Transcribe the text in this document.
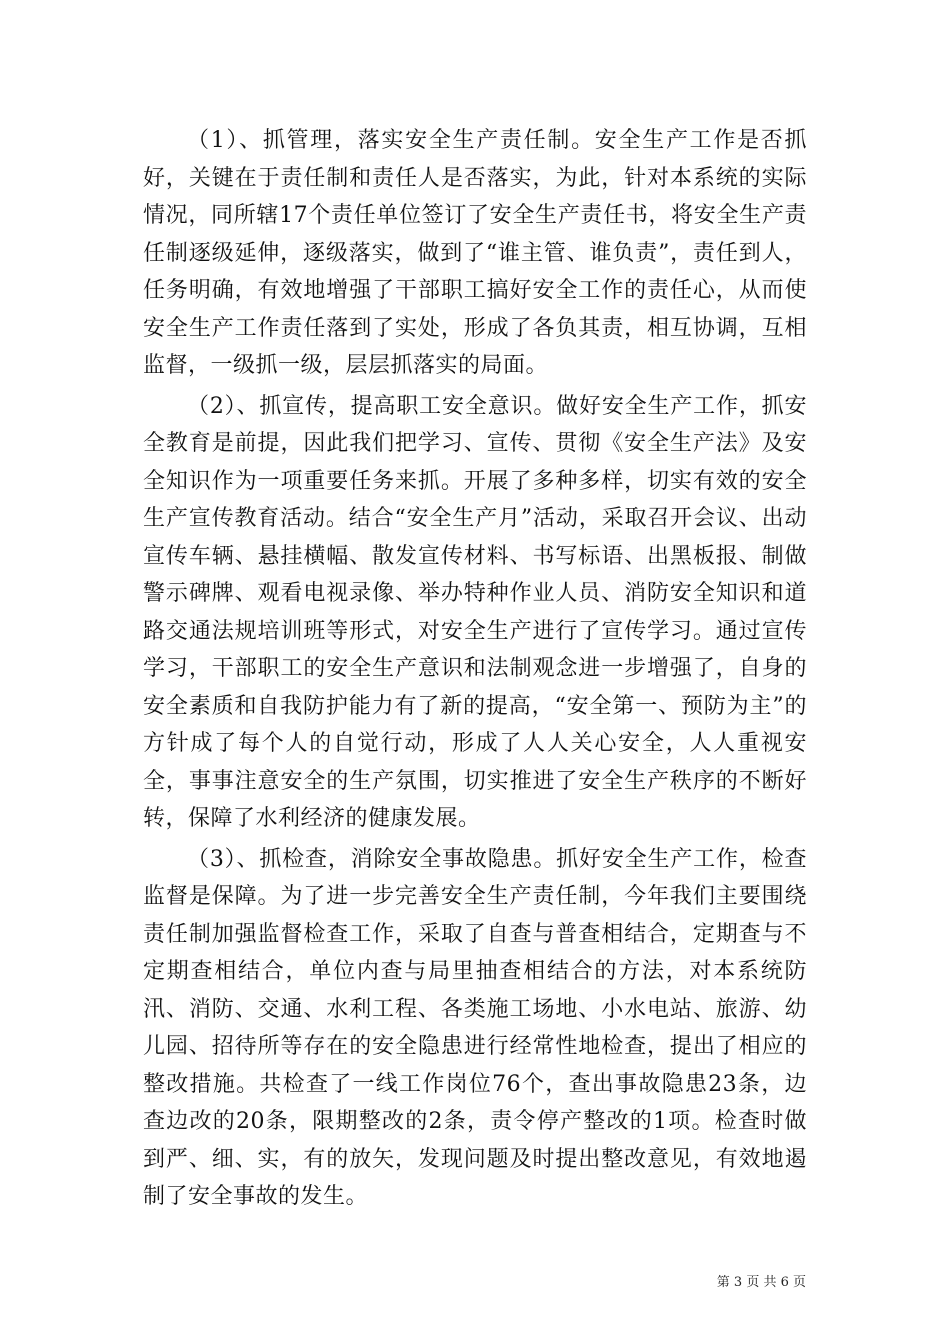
（1）、抓管理，落实安全生产责任制。安全生产工作是否抓好，关键在于责任制和责任人是否落实，为此，针对本系统的实际情况，同所辖17个责任单位签订了安全生产责任书，将安全生产责任制逐级延伸，逐级落实，做到了“谁主管、谁负责”，责任到人，任务明确，有效地增强了干部职工搞好安全工作的责任心，从而使安全生产工作责任落到了实处，形成了各负其责，相互协调，互相监督，一级抓一级，层层抓落实的局面。

（2）、抓宣传，提高职工安全意识。做好安全生产工作，抓安全教育是前提，因此我们把学习、宣传、贯彻《安全生产法》及安全知识作为一项重要任务来抓。开展了多种多样，切实有效的安全生产宣传教育活动。结合“安全生产月”活动，采取召开会议、出动宣传车辆、悬挂横幅、散发宣传材料、书写标语、出黑板报、制做警示碑牌、观看电视录像、举办特种作业人员、消防安全知识和道路交通法规培训班等形式，对安全生产进行了宣传学习。通过宣传学习，干部职工的安全生产意识和法制观念进一步增强了，自身的安全素质和自我防护能力有了新的提高，“安全第一、预防为主”的方针成了每个人的自觉行动，形成了人人关心安全，人人重视安全，事事注意安全的生产氛围，切实推进了安全生产秩序的不断好转，保障了水利经济的健康发展。

（3）、抓检查，消除安全事故隐患。抓好安全生产工作，检查监督是保障。为了进一步完善安全生产责任制，今年我们主要围绕责任制加强监督检查工作，采取了自查与普查相结合，定期查与不定期查相结合，单位内查与局里抽查相结合的方法，对本系统防汛、消防、交通、水利工程、各类施工场地、小水电站、旅游、幼儿园、招待所等存在的安全隐患进行经常性地检查，提出了相应的整改措施。共检查了一线工作岗位76个，查出事故隐患23条，边查边改的20条，限期整改的2条，责令停产整改的1项。检查时做到严、细、实，有的放矢，发现问题及时提出整改意见，有效地遏制了安全事故的发生。

第 3 页 共 6 页
